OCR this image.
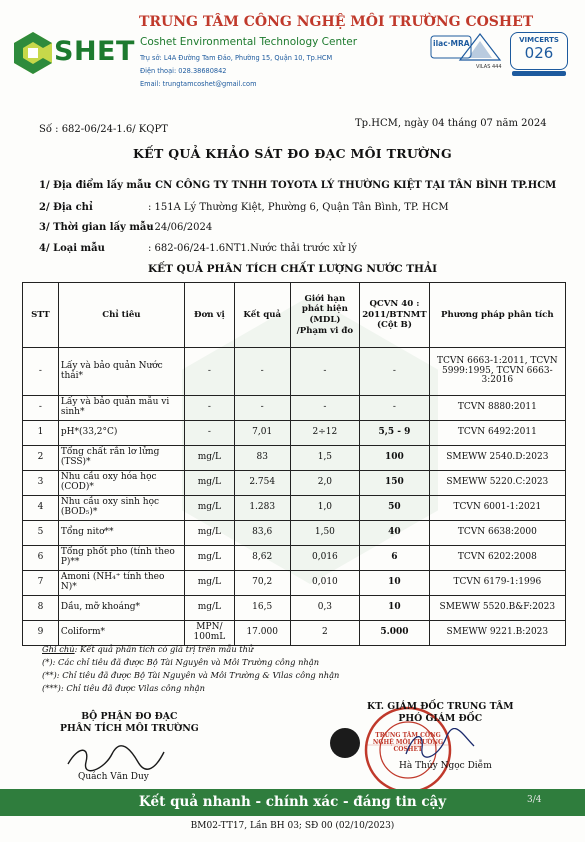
SHET
TRUNG TÂM CÔNG NGHỆ MÔI TRƯỜNG COSHET
Coshet Environmental Technology Center
Trụ sở: L4A Đường Tam Đảo, Phường 15, Quận 10, Tp.HCM
Điện thoại: 028.38680842
Email: trungtamcoshet@gmail.com
ilac·MRA
VILAS 444
VIMCERTS
026
Số : 682-06/24-1.6/ KQPT
Tp.HCM, ngày 04 tháng 07 năm 2024
KẾT QUẢ KHẢO SÁT ĐO ĐẠC MÔI TRƯỜNG
1/ Địa điểm lấy mẫu
: CN CÔNG TY TNHH TOYOTA LÝ THƯỜNG KIỆT TẠI TÂN BÌNH TP.HCM
2/ Địa chỉ	: 151A Lý Thường Kiệt, Phường 6, Quận Tân Bình, TP. HCM
3/ Thời gian lấy mẫu
: 24/06/2024
4/ Loại mẫu	: 682-06/24-1.6NT1.Nước thải trước xử lý
KẾT QUẢ PHÂN TÍCH CHẤT LƯỢNG NƯỚC THẢI
STT	Chỉ tiêu	Đơn vị	Kết quả	Giới hạn phát hiện (MDL) /Phạm vi đo	QCVN 40 : 2011/BTNMT (Cột B)	Phương pháp phân tích
-	Lấy và bảo quản Nước thải*	-	-	-	-	TCVN 6663-1:2011, TCVN 5999:1995, TCVN 6663-3:2016
-	Lấy và bảo quản mẫu vi sinh*	-	-	-	-	TCVN 8880:2011
1	pH*(33,2°C)	-	7,01	2÷12	5,5 - 9	TCVN 6492:2011
2	Tổng chất rắn lơ lửng (TSS)*	mg/L	83	1,5	100	SMEWW 2540.D:2023
3	Nhu cầu oxy hóa học (COD)*	mg/L	2.754	2,0	150	SMEWW 5220.C:2023
4	Nhu cầu oxy sinh học (BOD₅)*	mg/L	1.283	1,0	50	TCVN 6001-1:2021
5	Tổng nitơ**	mg/L	83,6	1,50	40	TCVN 6638:2000
6	Tổng phốt pho (tính theo P)**	mg/L	8,62	0,016	6	TCVN 6202:2008
7	Amoni (NH₄⁺ tính theo N)*	mg/L	70,2	0,010	10	TCVN 6179-1:1996
8	Dầu, mỡ khoáng*	mg/L	16,5	0,3	10	SMEWW 5520.B&F:2023
9	Coliform*	MPN/ 100mL	17.000	2	5.000	SMEWW 9221.B:2023
Ghi chú: Kết quả phân tích có giá trị trên mẫu thử
(*): Các chỉ tiêu đã được Bộ Tài Nguyên và Môi Trường công nhận
(**): Chỉ tiêu đã được Bộ Tài Nguyên và Môi Trường & Vilas công nhận
(***): Chỉ tiêu đã được Vilas công nhận
BỘ PHẬN ĐO ĐẠC
PHÂN TÍCH MÔI TRƯỜNG
Quách Văn Duy
TRUNG TÂM CÔNG NGHỆ MÔI TRƯỜNG COSHET
KT. GIÁM ĐỐC TRUNG TÂM
PHÓ GIÁM ĐỐC
Hà Thúy Ngọc Diễm
Kết quả nhanh - chính xác - đáng tin cậy	3/4
BM02-TT17, Lần BH 03; SĐ 00 (02/10/2023)
